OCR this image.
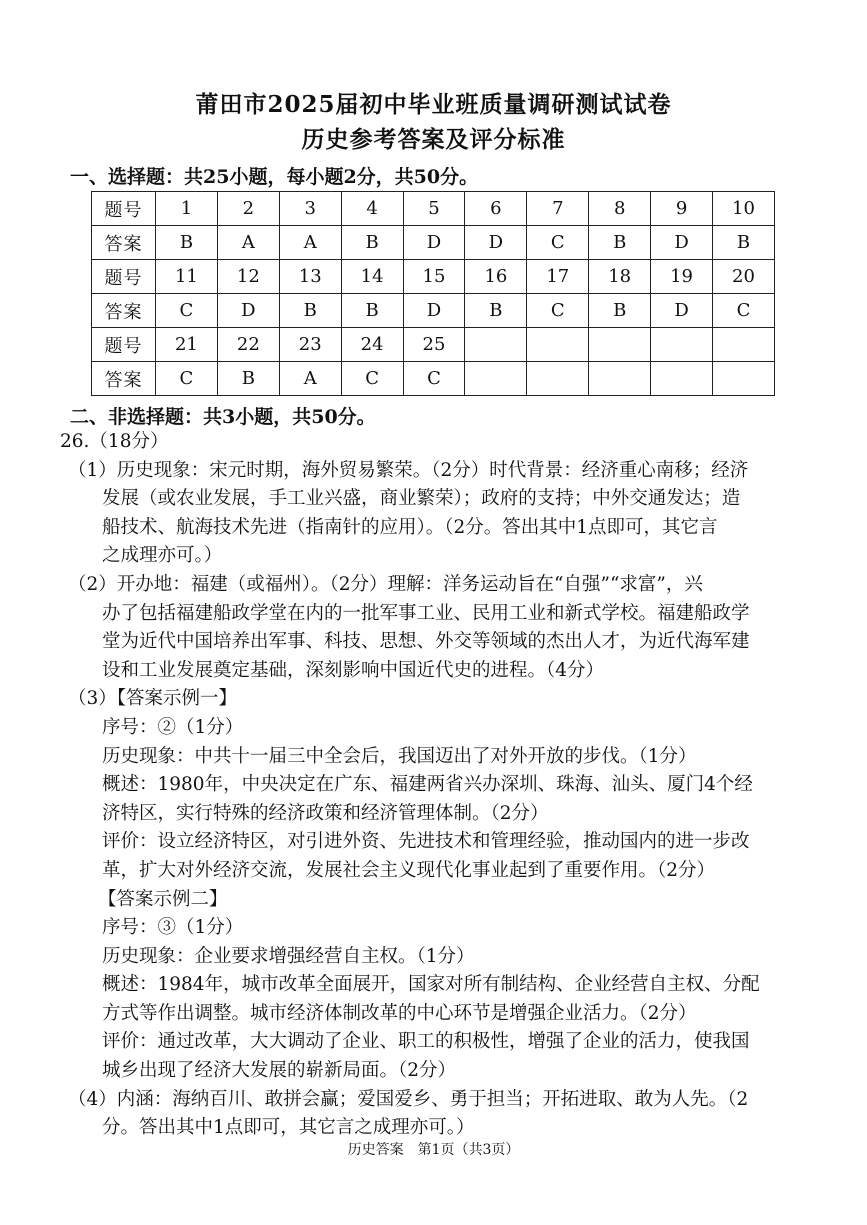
莆田市2025届初中毕业班质量调研测试试卷
历史参考答案及评分标准
一、选择题：共25小题，每小题2分，共50分。
题号	1	2	3	4	5	6	7	8	9	10
答案	B	A	A	B	D	D	C	B	D	B
题号	11	12	13	14	15	16	17	18	19	20
答案	C	D	B	B	D	B	C	B	D	C
题号	21	22	23	24	25					
答案	C	B	A	C	C					
二、非选择题：共3小题，共50分。

26.（18分）

（1）历史现象：宋元时期，海外贸易繁荣。（2分）时代背景：经济重心南移；经济

发展（或农业发展，手工业兴盛，商业繁荣）；政府的支持；中外交通发达；造

船技术、航海技术先进（指南针的应用）。（2分。答出其中1点即可，其它言

之成理亦可。）

（2）开办地：福建（或福州）。（2分）理解：洋务运动旨在“自强”“求富”，兴

办了包括福建船政学堂在内的一批军事工业、民用工业和新式学校。福建船政学

堂为近代中国培养出军事、科技、思想、外交等领域的杰出人才，为近代海军建

设和工业发展奠定基础，深刻影响中国近代史的进程。（4分）

（3）【答案示例一】

序号：②（1分）

历史现象：中共十一届三中全会后，我国迈出了对外开放的步伐。（1分）

概述：1980年，中央决定在广东、福建两省兴办深圳、珠海、汕头、厦门4个经

济特区，实行特殊的经济政策和经济管理体制。（2分）

评价：设立经济特区，对引进外资、先进技术和管理经验，推动国内的进一步改

革，扩大对外经济交流，发展社会主义现代化事业起到了重要作用。（2分）

【答案示例二】

序号：③（1分）

历史现象：企业要求增强经营自主权。（1分）

概述：1984年，城市改革全面展开，国家对所有制结构、企业经营自主权、分配

方式等作出调整。城市经济体制改革的中心环节是增强企业活力。（2分）

评价：通过改革，大大调动了企业、职工的积极性，增强了企业的活力，使我国

城乡出现了经济大发展的崭新局面。（2分）

（4）内涵：海纳百川、敢拼会赢；爱国爱乡、勇于担当；开拓进取、敢为人先。（2

分。答出其中1点即可，其它言之成理亦可。）

历史答案　第1页（共3页）
